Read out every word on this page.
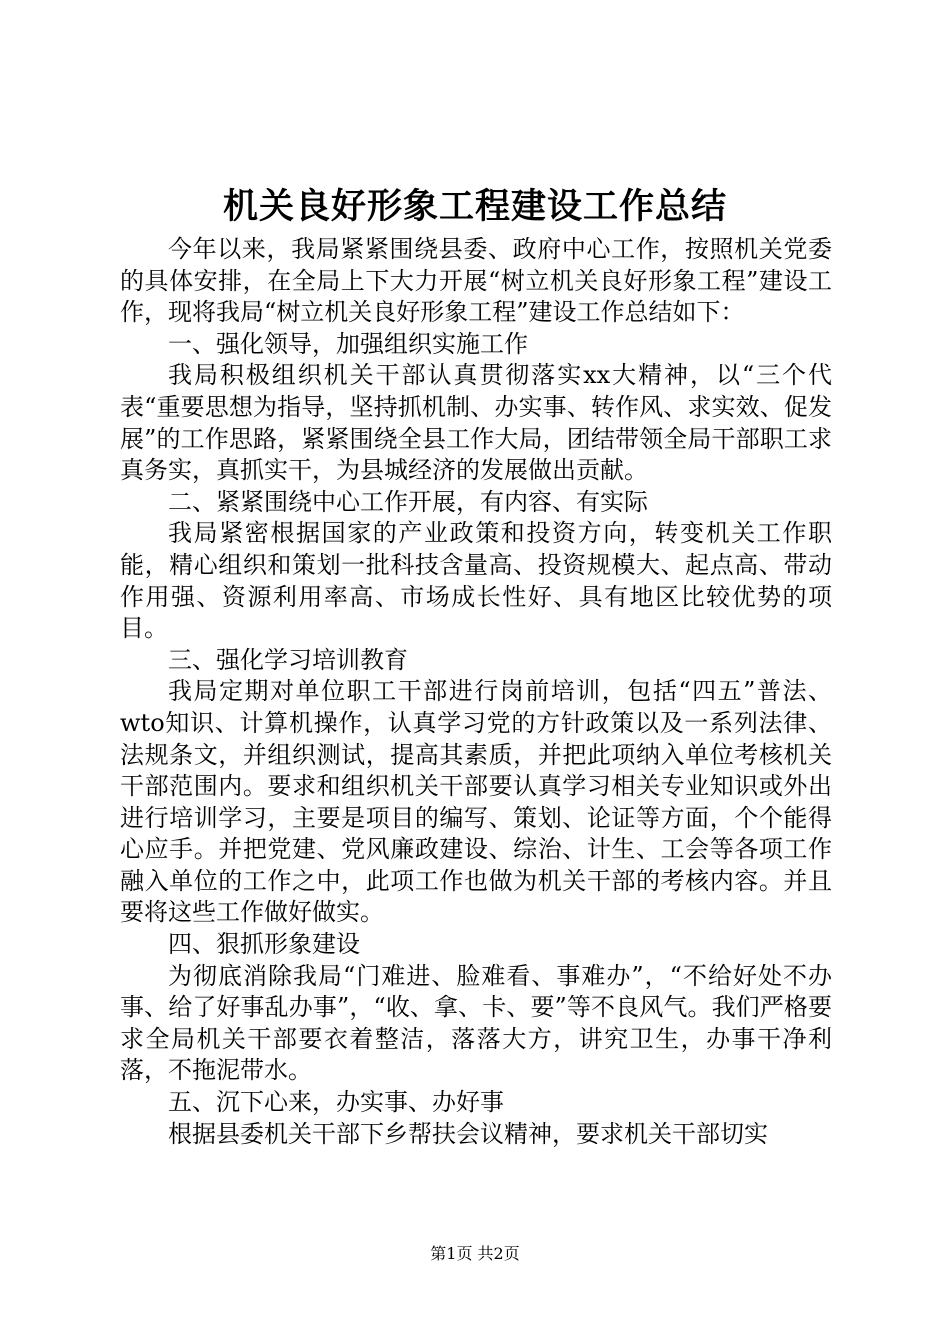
机关良好形象工程建设工作总结

今年以来，我局紧紧围绕县委、政府中心工作，按照机关党委的具体安排，在全局上下大力开展“树立机关良好形象工程”建设工作，现将我局“树立机关良好形象工程”建设工作总结如下：

一、强化领导，加强组织实施工作

我局积极组织机关干部认真贯彻落实xx大精神，以“三个代表“重要思想为指导，坚持抓机制、办实事、转作风、求实效、促发展”的工作思路，紧紧围绕全县工作大局，团结带领全局干部职工求真务实，真抓实干，为县城经济的发展做出贡献。

二、紧紧围绕中心工作开展，有内容、有实际

我局紧密根据国家的产业政策和投资方向，转变机关工作职能，精心组织和策划一批科技含量高、投资规模大、起点高、带动作用强、资源利用率高、市场成长性好、具有地区比较优势的项目。

三、强化学习培训教育

我局定期对单位职工干部进行岗前培训，包括“四五”普法、wto知识、计算机操作，认真学习党的方针政策以及一系列法律、法规条文，并组织测试，提高其素质，并把此项纳入单位考核机关干部范围内。要求和组织机关干部要认真学习相关专业知识或外出进行培训学习，主要是项目的编写、策划、论证等方面，个个能得心应手。并把党建、党风廉政建设、综治、计生、工会等各项工作融入单位的工作之中，此项工作也做为机关干部的考核内容。并且要将这些工作做好做实。

四、狠抓形象建设

为彻底消除我局“门难进、脸难看、事难办”，“不给好处不办事、给了好事乱办事”，“收、拿、卡、要”等不良风气。我们严格要求全局机关干部要衣着整洁，落落大方，讲究卫生，办事干净利落，不拖泥带水。

五、沉下心来，办实事、办好事

根据县委机关干部下乡帮扶会议精神，要求机关干部切实

第1页 共2页
